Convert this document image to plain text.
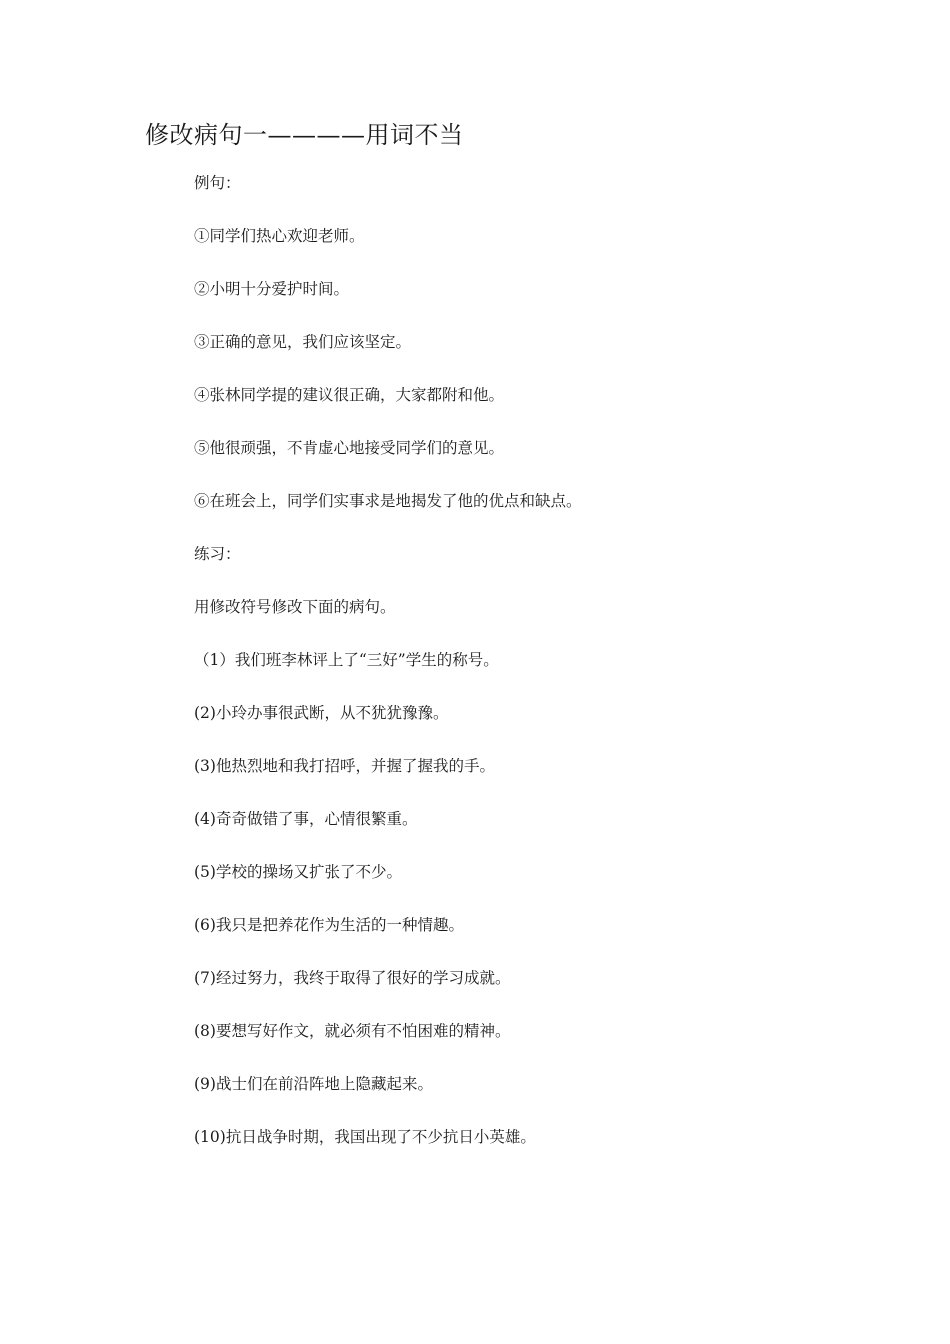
修改病句一————用词不当
例句：
①同学们热心欢迎老师。
②小明十分爱护时间。
③正确的意见，我们应该坚定。
④张林同学提的建议很正确，大家都附和他。
⑤他很顽强，不肯虚心地接受同学们的意见。
⑥在班会上，同学们实事求是地揭发了他的优点和缺点。
练习：
用修改符号修改下面的病句。
（1）我们班李林评上了“三好”学生的称号。
(2)小玲办事很武断，从不犹犹豫豫。
(3)他热烈地和我打招呼，并握了握我的手。
(4)奇奇做错了事，心情很繁重。
(5)学校的操场又扩张了不少。
(6)我只是把养花作为生活的一种情趣。
(7)经过努力，我终于取得了很好的学习成就。
(8)要想写好作文，就必须有不怕困难的精神。
(9)战士们在前沿阵地上隐藏起来。
(10)抗日战争时期，我国出现了不少抗日小英雄。
